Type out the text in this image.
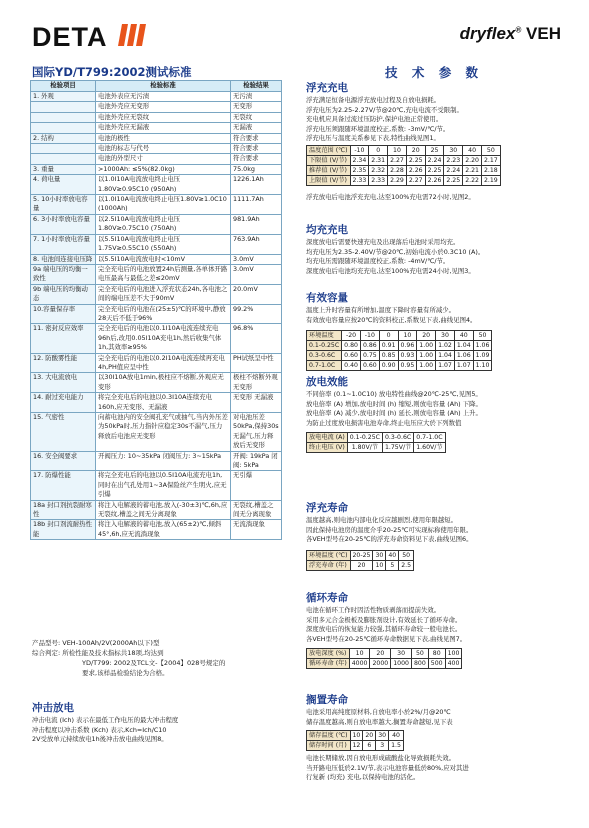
DETA	dryflex® VEH
国际YD/T799:2002测试标准
检验项目	检验标准	检验结果
1. 外观	电池外表应无污渍	无污渍
	电池外壳应无变形	无变形
	电池外壳应无裂纹	无裂纹
	电池外壳应无漏液	无漏液
2. 结构	电池的极性	符合要求
	电池的标志与代号	符合要求
	电池的外型尺寸	符合要求
3. 重量	>1000Ah: ≤5%(82.0kg)	75.0kg
4. 荷电量	以1.0I10A电流放电终止电压1.80V≥0.95C10 (950Ah)	1226.1Ah
5. 10小时率放电容量	以1.0I10A电流放电终止电压1.80V≥1.0C10 (1000Ah)	1111.7Ah
6. 3小时率放电容量	以2.5I10A电流放电终止电压1.80V≥0.75C10 (750Ah)	981.9Ah
7. 1小时率放电容量	以5.5I10A电流放电终止电压1.75V≥0.55C10 (550Ah)	763.9Ah
8. 电池间连接电压降	以5.5I10A电流放电时<10mV	3.0mV
9a 端电压的均衡一致性	完全充电后的电池放置24h后测量,各单体开路电压最高与最低之差≤20mV	3.0mV
9b 端电压的均衡动态	完全充电后的电池进入浮充状态24h,各电池之间的端电压差不大于90mV	20.0mV
10.容量保存率	完全充电后的电池在(25±5)℃的环境中,静放28天后不低于96%	99.2%
11. 密封反应效率	完全充电后的电池以0.1I10A电流连续充电96h后,改用0.05I10A充电1h,然后收集气体1h,其效率≥95%	96.8%
12. 防酸雾性能	完全充电后的电池以0.2I10A电流连续再充电4h,PH值应呈中性	PH试纸呈中性
13. 大电流放电	以30I10A放电1min,极柱应不熔断,外观应无变形	极柱不熔断外观无变形
14. 耐过充电能力	将完全充电后的电池以0.3I10A连续充电160h,应无变形、无漏液	无变形 无漏液
15. 气密性	向蓄电池内的安全阀孔充气或抽气,当内外压差为50kPa时,压力指针应稳定30s不漏气,压力释放后电池应无变形	对电池压差50kPa,保持30s无漏气,压力释放后无变形
16. 安全阀要求	开阀压力: 10~35kPa 闭阀压力: 3~15kPa	开阀: 19kPa 闭阀: 5kPa
17. 防爆性能	将完全充电后的电池以0.5I10A电流充电1h,同时在出气孔处用1~3A保险丝产生明火,应无引爆	无引爆
18a 封口剂抗裂耐寒性	将注入电解液的蓄电池,放入(-30±3)℃,6h,应无裂纹,槽盖之间无分离现象	无裂纹,槽盖之间无分离现象
18b 封口剂流耐热性能	将注入电解液的蓄电池,放入(65±2)℃,倾斜45°,6h,应无流淌现象	无流淌现象
产品型号: VEH-100Ah/2V(2000Ah以下)型
综合判定: 所检性能及技术指标共18项,均达到
YD/T799: 2002及TCL文-【2004】028号规定的
要求,该样品检验结论为合格。
冲击放电
冲击电流 (Ich) 表示在最低工作电压的最大冲击程度
冲击程度以冲击系数 (Kch) 表示,Kch=Ich/C10
2V受放单元持续放电1h後冲击放电曲线见图8。
技 术 参 数
浮充充电
浮充满足恒备电源浮充放电过程及自放电损耗。
浮充电压为2.25-2.27V/节@20℃,充电电流不受限制。
充电机应具备过流过压防护,保护电池正常使用。
浮充电压须跟随环境温度校正,系数: -3mV/℃/节。
浮充电压与温度关系参见下表,特性曲线见图1。
温度范围 (℃)	-10	0	10	20	25	30	40	50
下限值 (V/节)	2.34	2.31	2.27	2.25	2.24	2.23	2.20	2.17
推荐值 (V/节)	2.35	2.32	2.28	2.26	2.25	2.24	2.21	2.18
上限值 (V/节)	2.33	2.33	2.29	2.27	2.26	2.25	2.22	2.19
浮充放电后电池浮充充电,达至100%充电需72小时,见图2。
均充充电
深度放电后需要快速充电及出现落后电池时采用均充。
均充电压为2.35-2.40V/节@20℃,初始电流小於0.3C10 (A)。
均充电压需跟随环境温度校正,系数: -4mV/℃/节。
深度放电后电池均充充电,达至100%充电需24小时,见图3。
有效容量
温度上升时容量有所增加,温度下降时容量有所减少。
有效放电容量应按20℃的资料校正,系数见下表,曲线见图4。
环境温度	-20	-10	0	10	20	30	40	50
0.1-0.25C	0.80	0.86	0.91	0.96	1.00	1.02	1.04	1.06
0.3-0.6C	0.60	0.75	0.85	0.93	1.00	1.04	1.06	1.09
0.7-1.0C	0.40	0.60	0.90	0.95	1.00	1.07	1.07	1.10
放电效能
不同倍率 (0.1~1.0C10) 放电特性曲线@20℃-25℃,见图5。
放电倍率 (A) 增加,放电时间 (h) 缩短,则放电容量 (Ah) 下降。
放电倍率 (A) 减少,放电时间 (h) 延长,则放电容量 (Ah) 上升。
为防止过度放电损害电池寿命,终止电压应大於下列数值
放电电流 (A)	0.1-0.25C	0.3-0.6C	0.7-1.0C
终止电压 (V)	1.80V/节	1.75V/节	1.60V/节
浮充寿命
温度越高,则电池内部电化反应越剧烈,使用年限越短。
因此保持电池房的温度介乎20-25℃可实现标称使用年限。
各VEH型号在20-25℃的浮充寿命资料见下表,曲线见图6。
环境温度 (℃)	20-25	30	40	50
浮充寿命 (年)	20	10	5	2.5
循环寿命
电池在循环工作时因活性物质剥落而提前失效。
采用多元合金极板及膨胀剂设计,有效延长了循环寿命。
深度放电后的恢复能力较强,其循环寿命较一般电池长。
各VEH型号在20-25℃循环寿命数据见下表,曲线见图7。
放电深度 (%)	10	20	30	50	80	100
循环寿命 (年)	4000	2000	1000	800	500	400
搁置寿命
电池采用高纯度原材料,自放电率小於2%/月@20℃
储存温度越高,则自放电率越大,搁置寿命越短,见下表
储存温度 (℃)	10	20	30	40
储存时间 (月)	12	6	3	1.5
电池长期储放,因自放电形成硫酸盐化导致损耗失效。
当开路电压低於2.1V/节,表示电池容量低於80%,应对其进
行复新 (均充) 充电,以保持电池的活化。
